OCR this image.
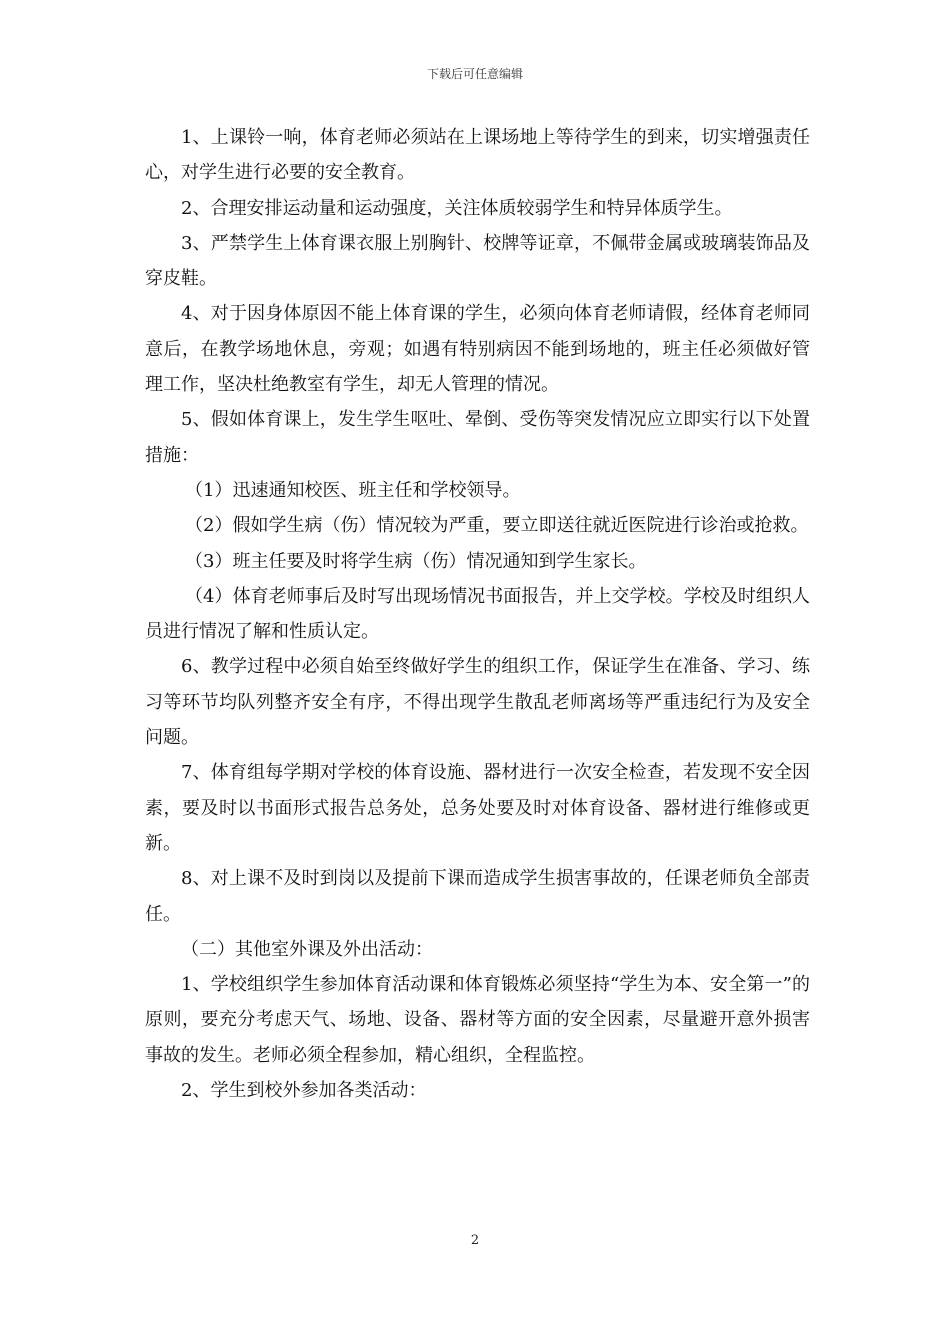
下载后可任意编辑

1、上课铃一响，体育老师必须站在上课场地上等待学生的到来，切实增强责任心，对学生进行必要的安全教育。

2、合理安排运动量和运动强度，关注体质较弱学生和特异体质学生。

3、严禁学生上体育课衣服上别胸针、校牌等证章，不佩带金属或玻璃装饰品及穿皮鞋。

4、对于因身体原因不能上体育课的学生，必须向体育老师请假，经体育老师同意后，在教学场地休息，旁观；如遇有特别病因不能到场地的，班主任必须做好管理工作，坚决杜绝教室有学生，却无人管理的情况。

5、假如体育课上，发生学生呕吐、晕倒、受伤等突发情况应立即实行以下处置措施：

（1）迅速通知校医、班主任和学校领导。

（2）假如学生病（伤）情况较为严重，要立即送往就近医院进行诊治或抢救。

（3）班主任要及时将学生病（伤）情况通知到学生家长。

（4）体育老师事后及时写出现场情况书面报告，并上交学校。学校及时组织人员进行情况了解和性质认定。

6、教学过程中必须自始至终做好学生的组织工作，保证学生在准备、学习、练习等环节均队列整齐安全有序，不得出现学生散乱老师离场等严重违纪行为及安全问题。

7、体育组每学期对学校的体育设施、器材进行一次安全检查，若发现不安全因素，要及时以书面形式报告总务处，总务处要及时对体育设备、器材进行维修或更新。

8、对上课不及时到岗以及提前下课而造成学生损害事故的，任课老师负全部责任。

（二）其他室外课及外出活动：

1、学校组织学生参加体育活动课和体育锻炼必须坚持“学生为本、安全第一”的原则，要充分考虑天气、场地、设备、器材等方面的安全因素，尽量避开意外损害事故的发生。老师必须全程参加，精心组织，全程监控。

2、学生到校外参加各类活动：

2
